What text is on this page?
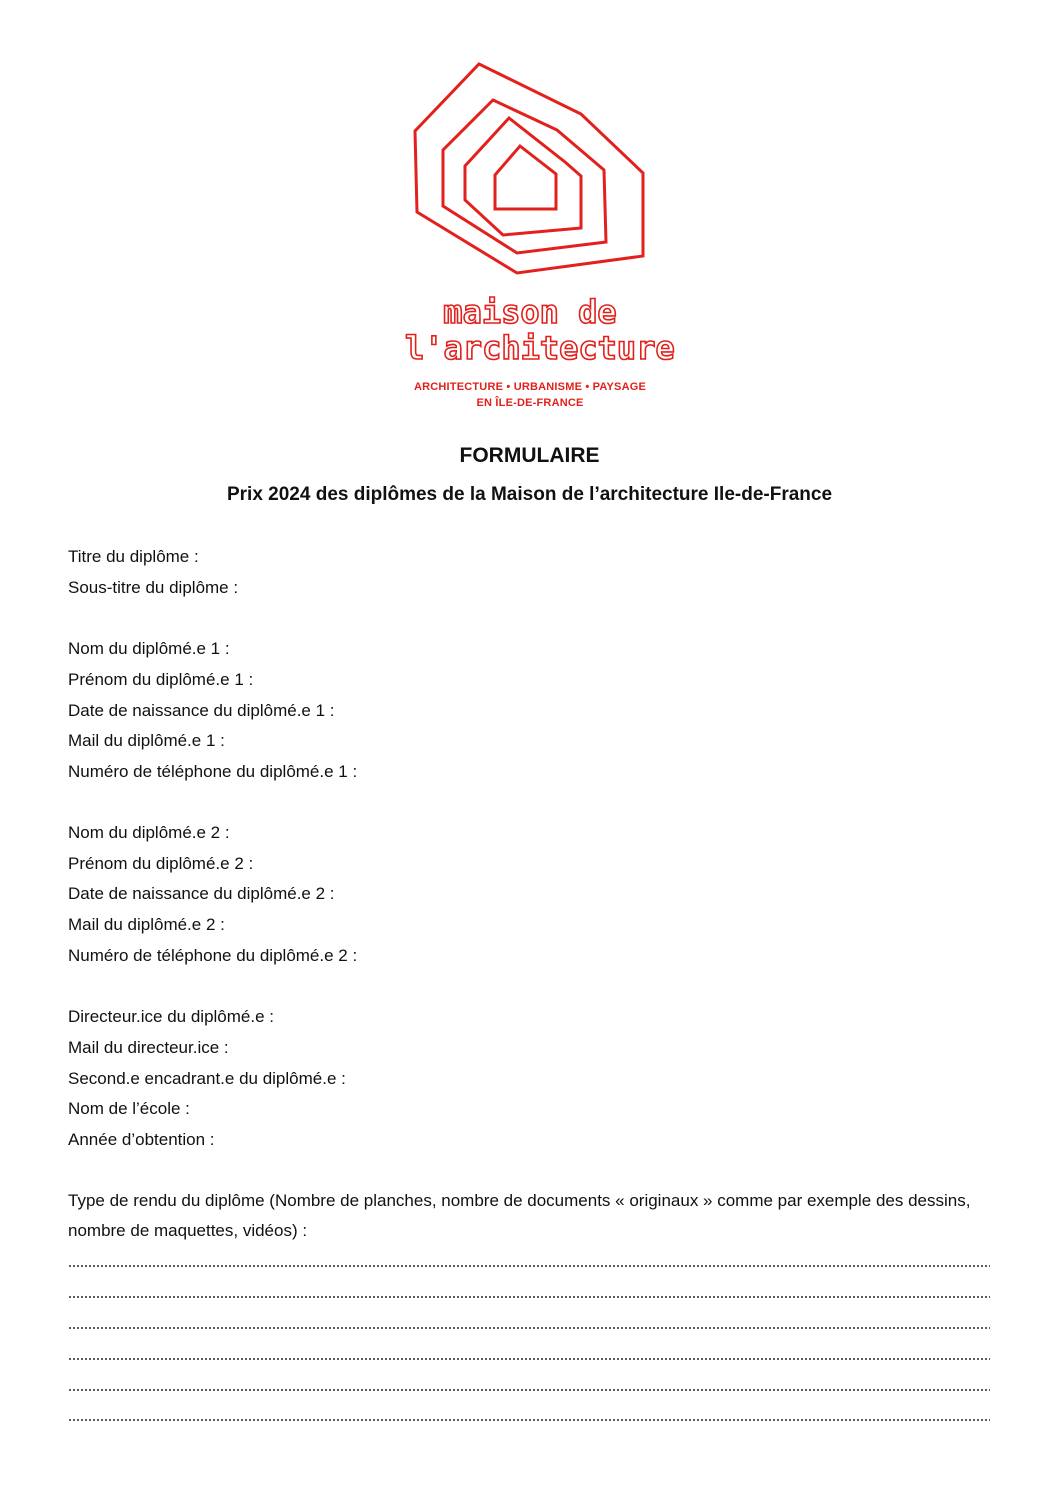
maison de
l'architecture
ARCHITECTURE • URBANISME • PAYSAGE
EN ÎLE-DE-FRANCE
FORMULAIRE
Prix 2024 des diplômes de la Maison de l’architecture Ile-de-France
Titre du diplôme :
Sous-titre du diplôme :
Nom du diplômé.e 1 :
Prénom du diplômé.e 1 :
Date de naissance du diplômé.e 1 :
Mail du diplômé.e 1 :
Numéro de téléphone du diplômé.e 1 :
Nom du diplômé.e 2 :
Prénom du diplômé.e 2 :
Date de naissance du diplômé.e 2 :
Mail du diplômé.e 2 :
Numéro de téléphone du diplômé.e 2 :
Directeur.ice du diplômé.e :
Mail du directeur.ice :
Second.e encadrant.e du diplômé.e :
Nom de l’école :
Année d’obtention :
Type de rendu du diplôme (Nombre de planches, nombre de documents « originaux » comme par exemple des dessins, nombre de maquettes, vidéos) :
